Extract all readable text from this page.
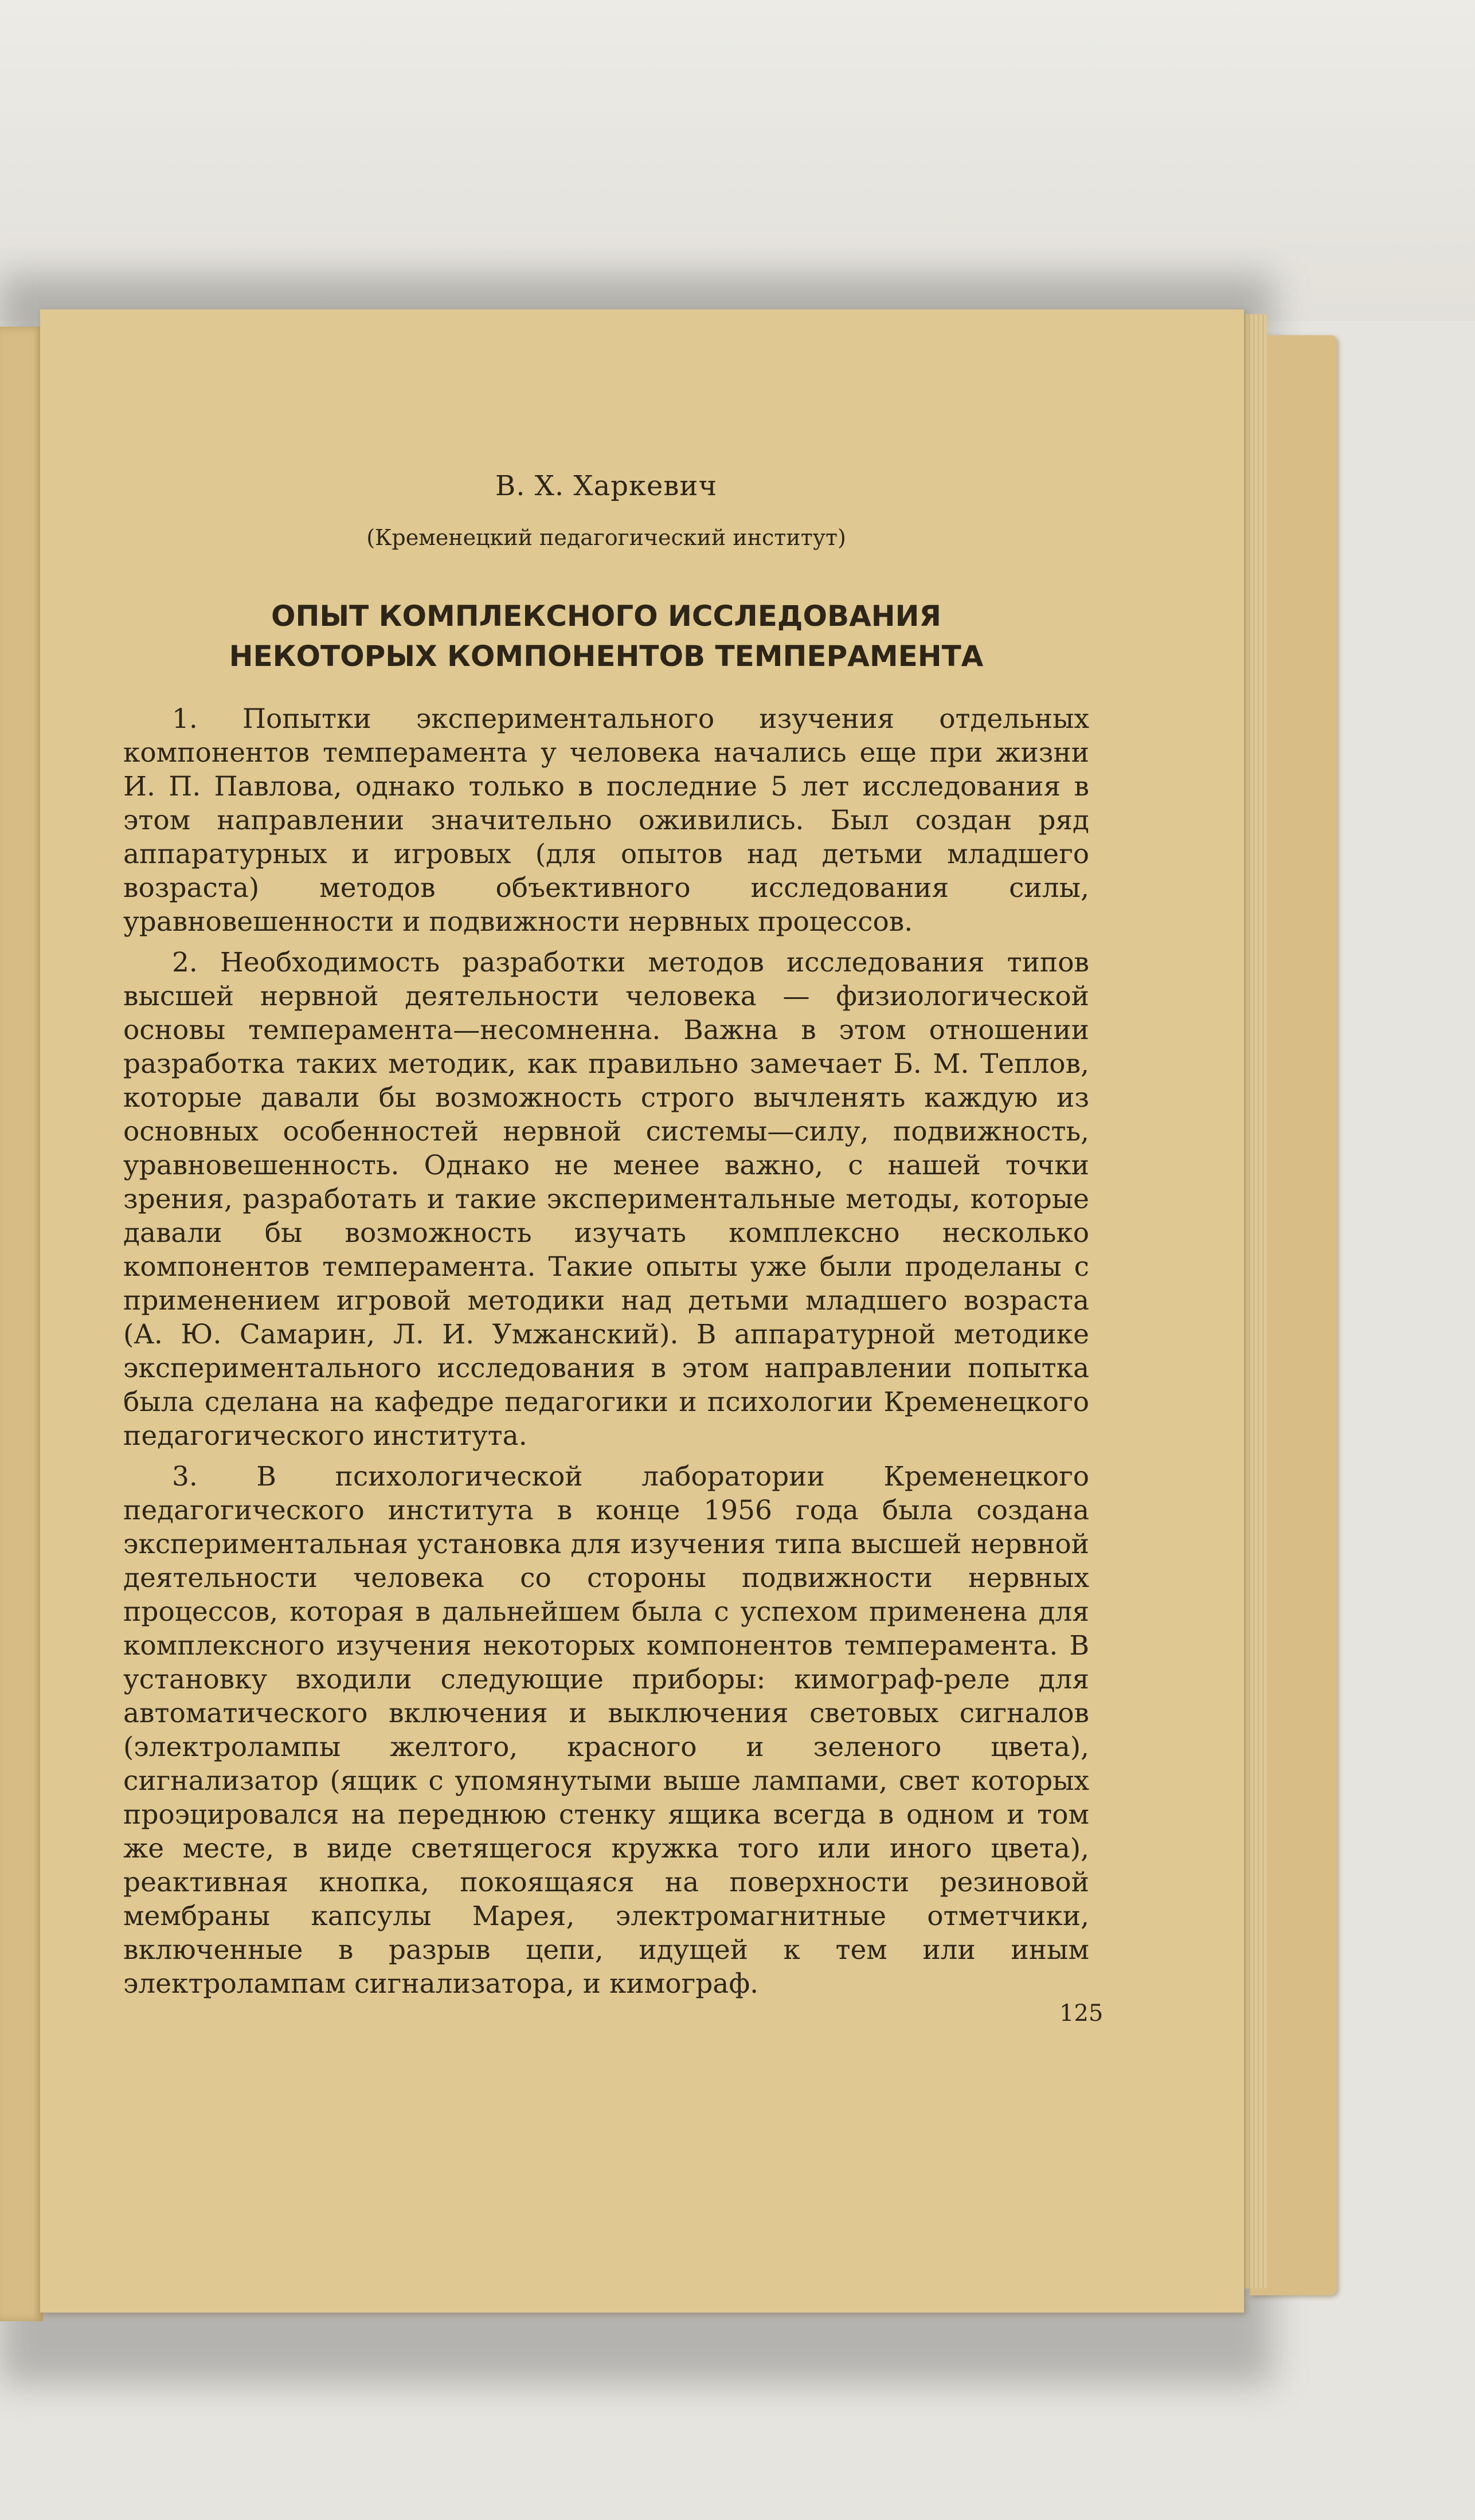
В. Х. Харкевич
(Кременецкий педагогический институт)
ОПЫТ КОМПЛЕКСНОГО ИССЛЕДОВАНИЯ
НЕКОТОРЫХ КОМПОНЕНТОВ ТЕМПЕРАМЕНТА

1. Попытки экспериментального изучения отдельных компонентов темперамента у человека начались еще при жизни И. П. Павлова, однако только в последние 5 лет исследования в этом направлении значительно оживились. Был создан ряд аппаратурных и игровых (для опытов над детьми младшего возраста) методов объективного исследования силы, уравновешенности и подвижности нервных процессов.

2. Необходимость разработки методов исследования типов высшей нервной деятельности человека — физиологической основы темперамента—несомненна. Важна в этом отношении разработка таких методик, как правильно замечает Б. М. Теплов, которые давали бы возможность строго вычленять каждую из основных особенностей нервной системы—силу, подвижность, уравновешенность. Однако не менее важно, с нашей точки зрения, разработать и такие экспериментальные методы, которые давали бы возможность изучать комплексно несколько компонентов темперамента. Такие опыты уже были проделаны с применением игровой методики над детьми младшего возраста (А. Ю. Самарин, Л. И. Умжанский). В аппаратурной методике экспериментального исследования в этом направлении попытка была сделана на кафедре педагогики и психологии Кременецкого педагогического института.

3. В психологической лаборатории Кременецкого педагогического института в конце 1956 года была создана экспериментальная установка для изучения типа высшей нервной деятельности человека со стороны подвижности нервных процессов, которая в дальнейшем была с успехом применена для комплексного изучения некоторых компонентов темперамента. В установку входили следующие приборы: кимограф-реле для автоматического включения и выключения световых сигналов (электролампы желтого, красного и зеленого цвета), сигнализатор (ящик с упомянутыми выше лампами, свет которых проэцировался на переднюю стенку ящика всегда в одном и том же месте, в виде светящегося кружка того или иного цвета), реактивная кнопка, покоящаяся на поверхности резиновой мембраны капсулы Марея, электромагнитные отметчики, включенные в разрыв цепи, идущей к тем или иным электролампам сигнализатора, и кимограф.

125
